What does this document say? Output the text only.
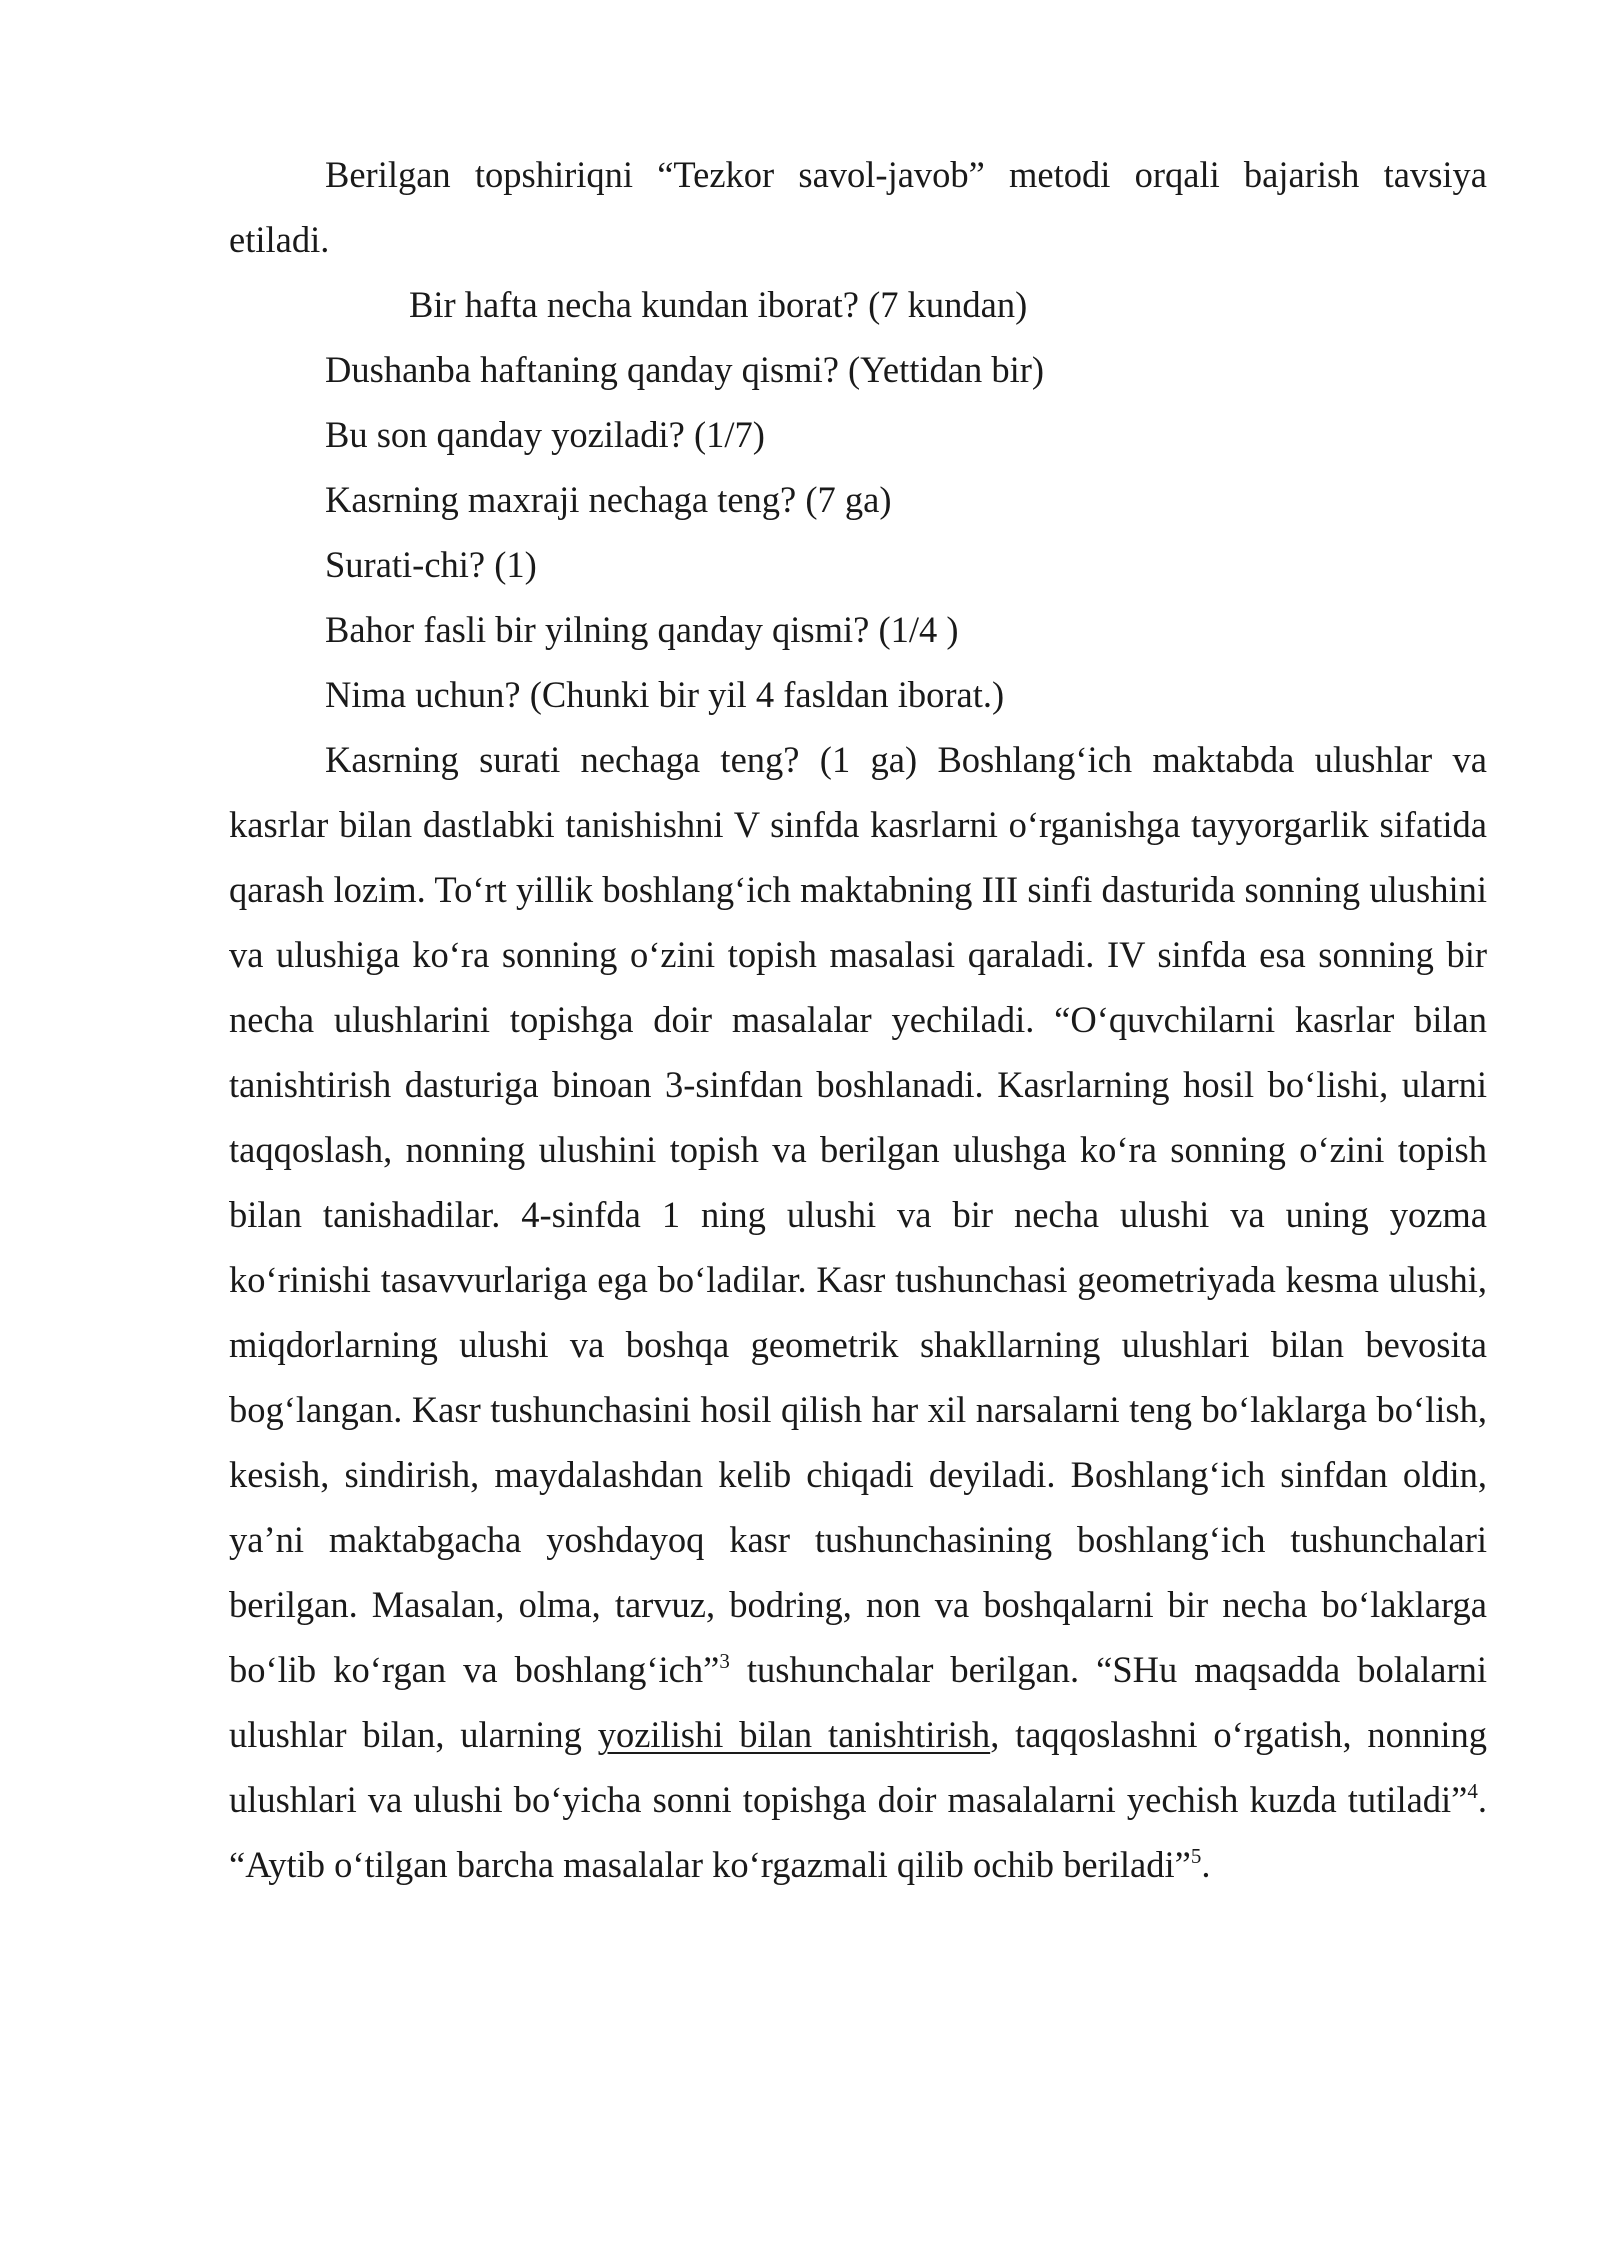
Berilgan topshiriqni “Tezkor savol-javob” metodi orqali bajarish tavsiya etiladi.

Bir hafta necha kundan iborat? (7 kundan)

Dushanba haftaning qanday qismi? (Yettidan bir)

Bu son qanday yoziladi? (1/7)

Kasrning maxraji nechaga teng? (7 ga)

Surati-chi? (1)

Bahor fasli bir yilning qanday qismi? (1/4 )

Nima uchun? (Chunki bir yil 4 fasldan iborat.)

Kasrning surati nechaga teng? (1 ga) Boshlang‘ich maktabda ulushlar va kasrlar bilan dastlabki tanishishni V sinfda kasrlarni o‘rganishga tayyorgarlik sifatida qarash lozim. To‘rt yillik boshlang‘ich maktabning III sinfi dasturida sonning ulushini va ulushiga ko‘ra sonning o‘zini topish masalasi qaraladi. IV sinfda esa sonning bir necha ulushlarini topishga doir masalalar yechiladi. “O‘quvchilarni kasrlar bilan tanishtirish dasturiga binoan 3-sinfdan boshlanadi. Kasrlarning hosil bo‘lishi, ularni taqqoslash, nonning ulushini topish va berilgan ulushga ko‘ra sonning o‘zini topish bilan tanishadilar. 4-sinfda 1 ning ulushi va bir necha ulushi va uning yozma ko‘rinishi tasavvurlariga ega bo‘ladilar. Kasr tushunchasi geometriyada kesma ulushi, miqdorlarning ulushi va boshqa geometrik shakllarning ulushlari bilan bevosita bog‘langan. Kasr tushunchasini hosil qilish har xil narsalarni teng bo‘laklarga bo‘lish, kesish, sindirish, maydalashdan kelib chiqadi deyiladi. Boshlang‘ich sinfdan oldin, ya’ni maktabgacha yoshdayoq kasr tushunchasining boshlang‘ich tushunchalari berilgan. Masalan, olma, tarvuz, bodring, non va boshqalarni bir necha bo‘laklarga bo‘lib ko‘rgan va boshlang‘ich”$^3$ tushunchalar berilgan. “SHu maqsadda bolalarni ulushlar bilan, ularning yozilishi bilan tanishtirish, taqqoslashni o‘rgatish, nonning ulushlari va ulushi bo‘yicha sonni topishga doir masalalarni yechish kuzda tutiladi”$^4$. “Aytib o‘tilgan barcha masalalar ko‘rgazmali qilib ochib beriladi”$^5$.
